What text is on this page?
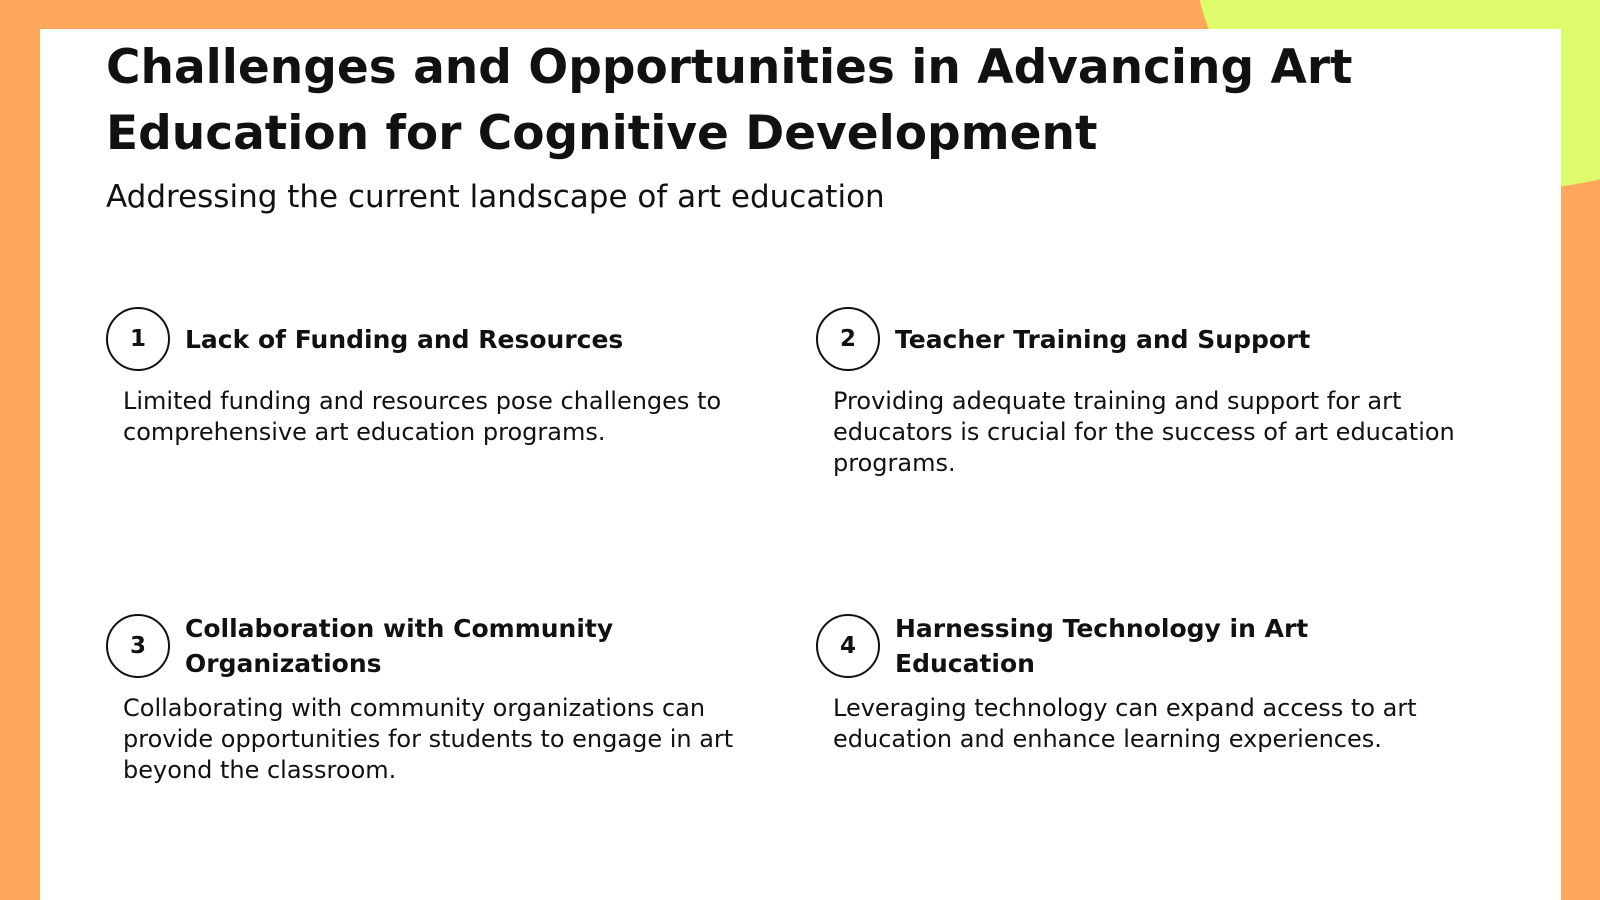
Challenges and Opportunities in Advancing Art Education for Cognitive Development
Addressing the current landscape of art education
1	Lack of Funding and Resources
Limited funding and resources pose challenges to comprehensive art education programs.
2	Teacher Training and Support
Providing adequate training and support for art educators is crucial for the success of art education programs.
3
Collaboration with Community Organizations
Collaborating with community organizations can provide opportunities for students to engage in art beyond the classroom.
4
Harnessing Technology in Art Education
Leveraging technology can expand access to art education and enhance learning experiences.
